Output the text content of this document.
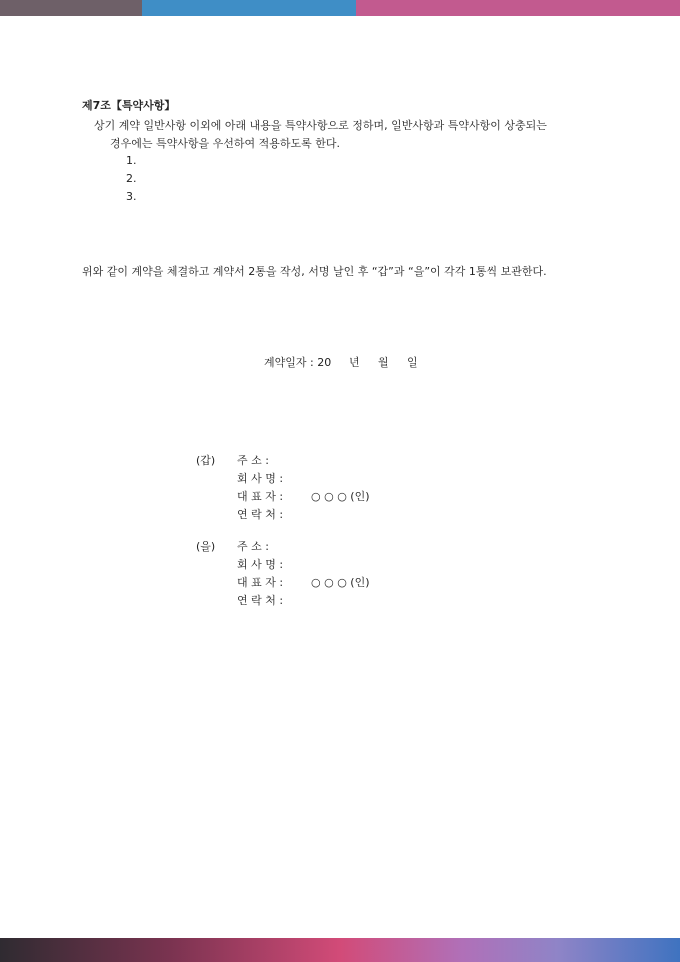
제7조【특약사항】
상기 계약 일반사항 이외에 아래 내용을 특약사항으로 정하며, 일반사항과 특약사항이 상충되는
경우에는 특약사항을 우선하여 적용하도록 한다.
1.
2.
3.
위와 같이 계약을 체결하고 계약서 2통을 작성, 서명 날인 후 “갑”과 “을”이 각각 1통씩 보관한다.
계약일자 : 20 년 월 일
(갑) 주 소 :
회 사 명 :
대 표 자 :	○ ○ ○ (인)
연 락 처 :
(을) 주 소 :
회 사 명 :
대 표 자 :	○ ○ ○ (인)
연 락 처 :
